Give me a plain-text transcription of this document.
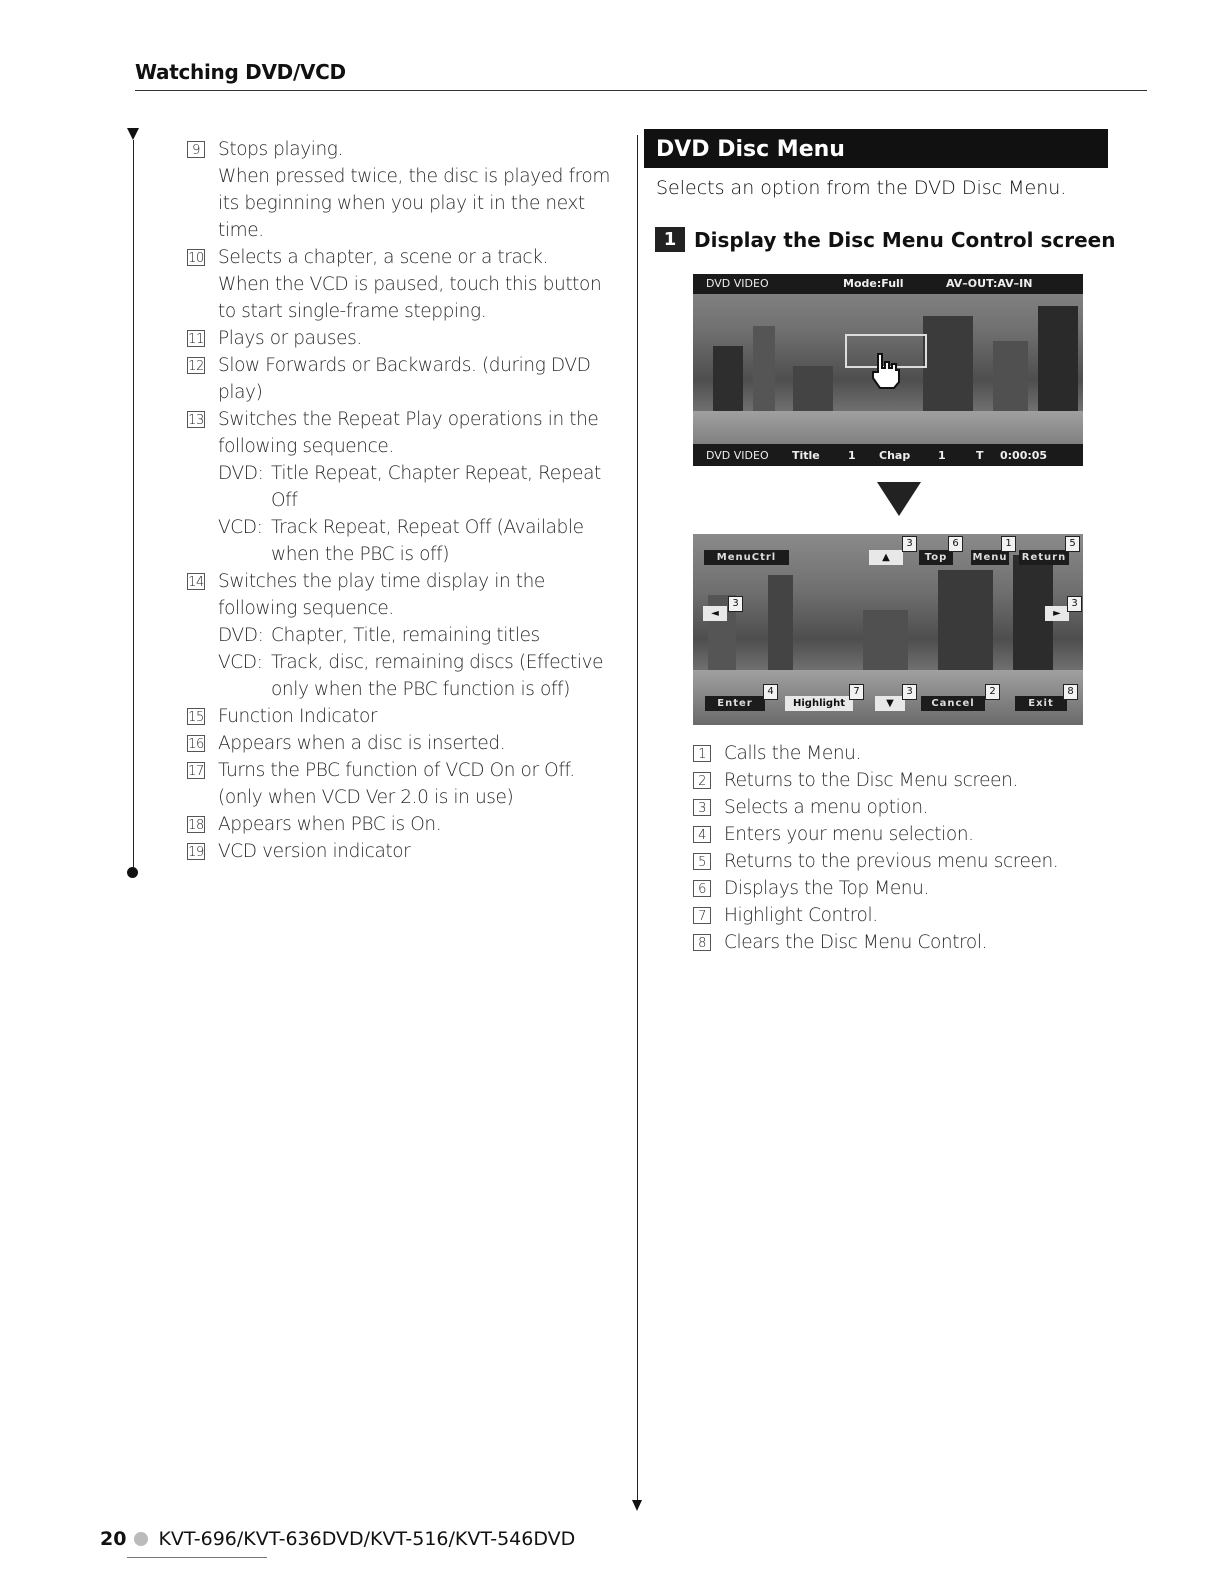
Watching DVD/VCD
9 Stops playing.
When pressed twice, the disc is played from its beginning when you play it in the next time.
10 Selects a chapter, a scene or a track.
When the VCD is paused, touch this button to start single-frame stepping.
11 Plays or pauses.
12 Slow Forwards or Backwards. (during DVD play)
13 Switches the Repeat Play operations in the following sequence.
DVD: Title Repeat, Chapter Repeat, Repeat Off
VCD: Track Repeat, Repeat Off (Available when the PBC is off)
14 Switches the play time display in the following sequence.
DVD: Chapter, Title, remaining titles
VCD: Track, disc, remaining discs (Effective only when the PBC function is off)
15 Function Indicator
16 Appears when a disc is inserted.
17 Turns the PBC function of VCD On or Off. (only when VCD Ver 2.0 is in use)
18 Appears when PBC is On.
19 VCD version indicator
DVD Disc Menu
Selects an option from the DVD Disc Menu.
1 Display the Disc Menu Control screen
DVD VIDEO	Mode:Full	AV–OUT:AV–IN
DVD VIDEO Title	1 Chap	1	T 0:00:05
MenuCtrl	▲	Top	Menu Return
3	6	1	5
◄
3
►
3
Enter
4
Highlight
7
▼
3
Cancel
2
Exit
8
1 Calls the Menu.
2 Returns to the Disc Menu screen.
3 Selects a menu option.
4 Enters your menu selection.
5 Returns to the previous menu screen.
6 Displays the Top Menu.
7 Highlight Control.
8 Clears the Disc Menu Control.
20 KVT-696/KVT-636DVD/KVT-516/KVT-546DVD
